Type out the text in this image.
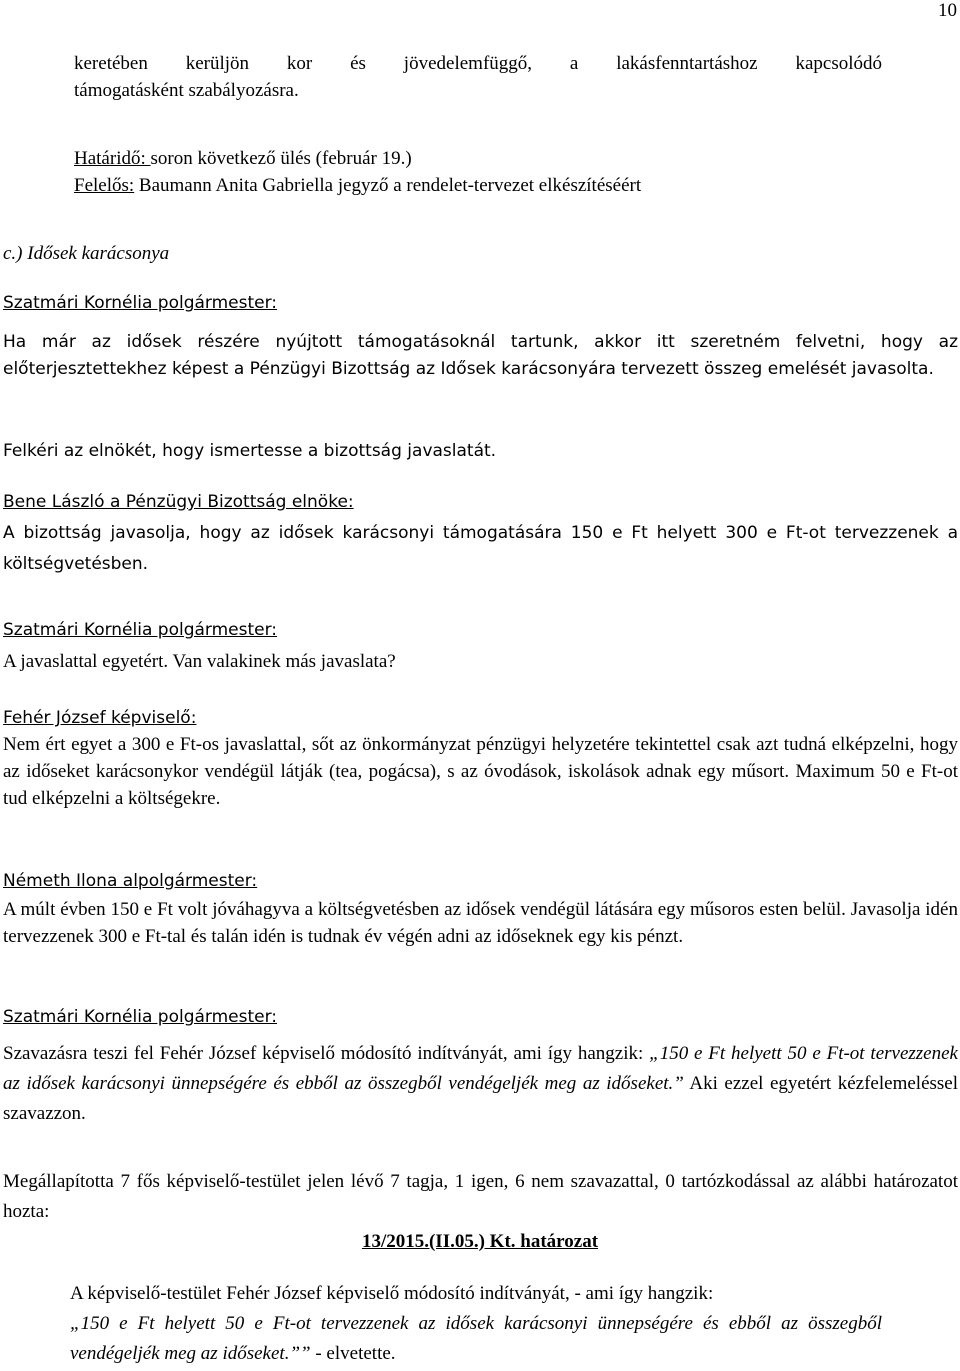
10

keretében kerüljön kor és jövedelemfüggő, a lakásfenntartáshoz kapcsolódó

támogatásként szabályozásra.

Határidő: soron következő ülés (február 19.)

Felelős: Baumann Anita Gabriella jegyző a rendelet-tervezet elkészítéséért

c.) Idősek karácsonya
Szatmári Kornélia polgármester:
Ha már az idősek részére nyújtott támogatásoknál tartunk, akkor itt szeretném felvetni, hogy az előterjesztettekhez képest a Pénzügyi Bizottság az Idősek karácsonyára tervezett összeg emelését javasolta.
Felkéri az elnökét, hogy ismertesse a bizottság javaslatát.
Bene László a Pénzügyi Bizottság elnöke:
A bizottság javasolja, hogy az idősek karácsonyi támogatására 150 e Ft helyett 300 e Ft-ot tervezzenek a költségvetésben.
Szatmári Kornélia polgármester:
A javaslattal egyetért. Van valakinek más javaslata?
Fehér József képviselő:
Nem ért egyet a 300 e Ft-os javaslattal, sőt az önkormányzat pénzügyi helyzetére tekintettel csak azt tudná elképzelni, hogy az időseket karácsonykor vendégül látják (tea, pogácsa), s az óvodások, iskolások adnak egy műsort. Maximum 50 e Ft-ot tud elképzelni a költségekre.
Németh Ilona alpolgármester:
A múlt évben 150 e Ft volt jóváhagyva a költségvetésben az idősek vendégül látására egy műsoros esten belül. Javasolja idén tervezzenek 300 e Ft-tal és talán idén is tudnak év végén adni az időseknek egy kis pénzt.
Szatmári Kornélia polgármester:
Szavazásra teszi fel Fehér József képviselő módosító indítványát, ami így hangzik: „150 e Ft helyett 50 e Ft-ot tervezzenek az idősek karácsonyi ünnepségére és ebből az összegből vendégeljék meg az időseket.” Aki ezzel egyetért kézfelemeléssel szavazzon.
Megállapította 7 fős képviselő-testület jelen lévő 7 tagja, 1 igen, 6 nem szavazattal, 0 tartózkodással az alábbi határozatot hozta:
13/2015.(II.05.) Kt. határozat

A képviselő-testület Fehér József képviselő módosító indítványát, - ami így hangzik:

„150 e Ft helyett 50 e Ft-ot tervezzenek az idősek karácsonyi ünnepségére és ebből az összegből vendégeljék meg az időseket.”” - elvetette.
